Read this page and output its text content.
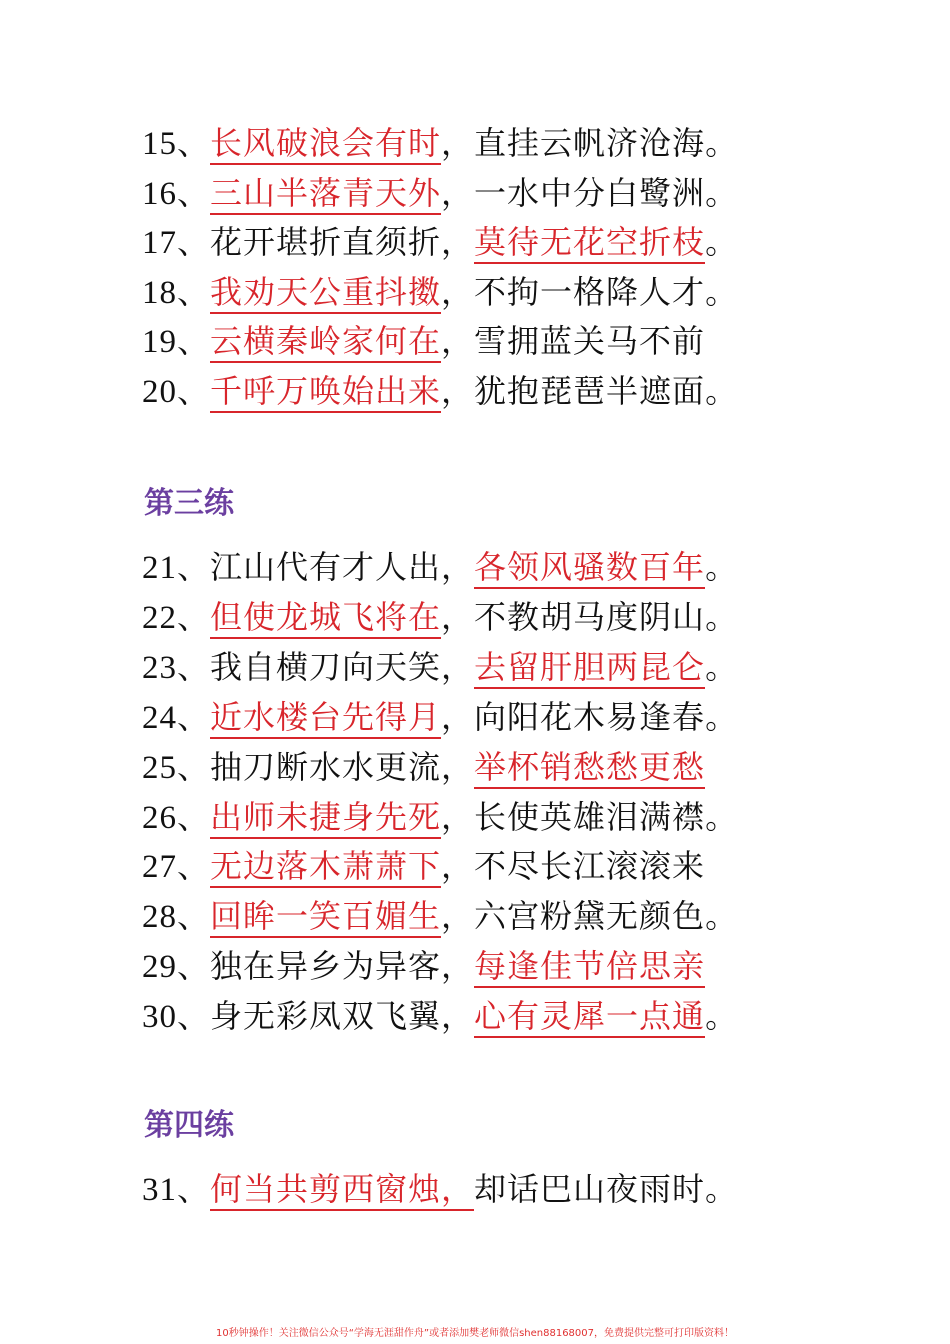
15、长风破浪会有时，直挂云帆济沧海。
16、三山半落青天外，一水中分白鹭洲。
17、花开堪折直须折，莫待无花空折枝。
18、我劝天公重抖擞，不拘一格降人才。
19、云横秦岭家何在，雪拥蓝关马不前
20、千呼万唤始出来，犹抱琵琶半遮面。
第三练
21、江山代有才人出，各领风骚数百年。
22、但使龙城飞将在，不教胡马度阴山。
23、我自横刀向天笑，去留肝胆两昆仑。
24、近水楼台先得月，向阳花木易逢春。
25、抽刀断水水更流，举杯销愁愁更愁
26、出师未捷身先死，长使英雄泪满襟。
27、无边落木萧萧下，不尽长江滚滚来
28、回眸一笑百媚生，六宫粉黛无颜色。
29、独在异乡为异客，每逢佳节倍思亲
30、身无彩凤双飞翼，心有灵犀一点通。
第四练
31、何当共剪西窗烛，却话巴山夜雨时。
10秒钟操作！关注微信公众号“学海无涯甜作舟”或者添加樊老师微信shen88168007，免费提供完整可打印版资料！
